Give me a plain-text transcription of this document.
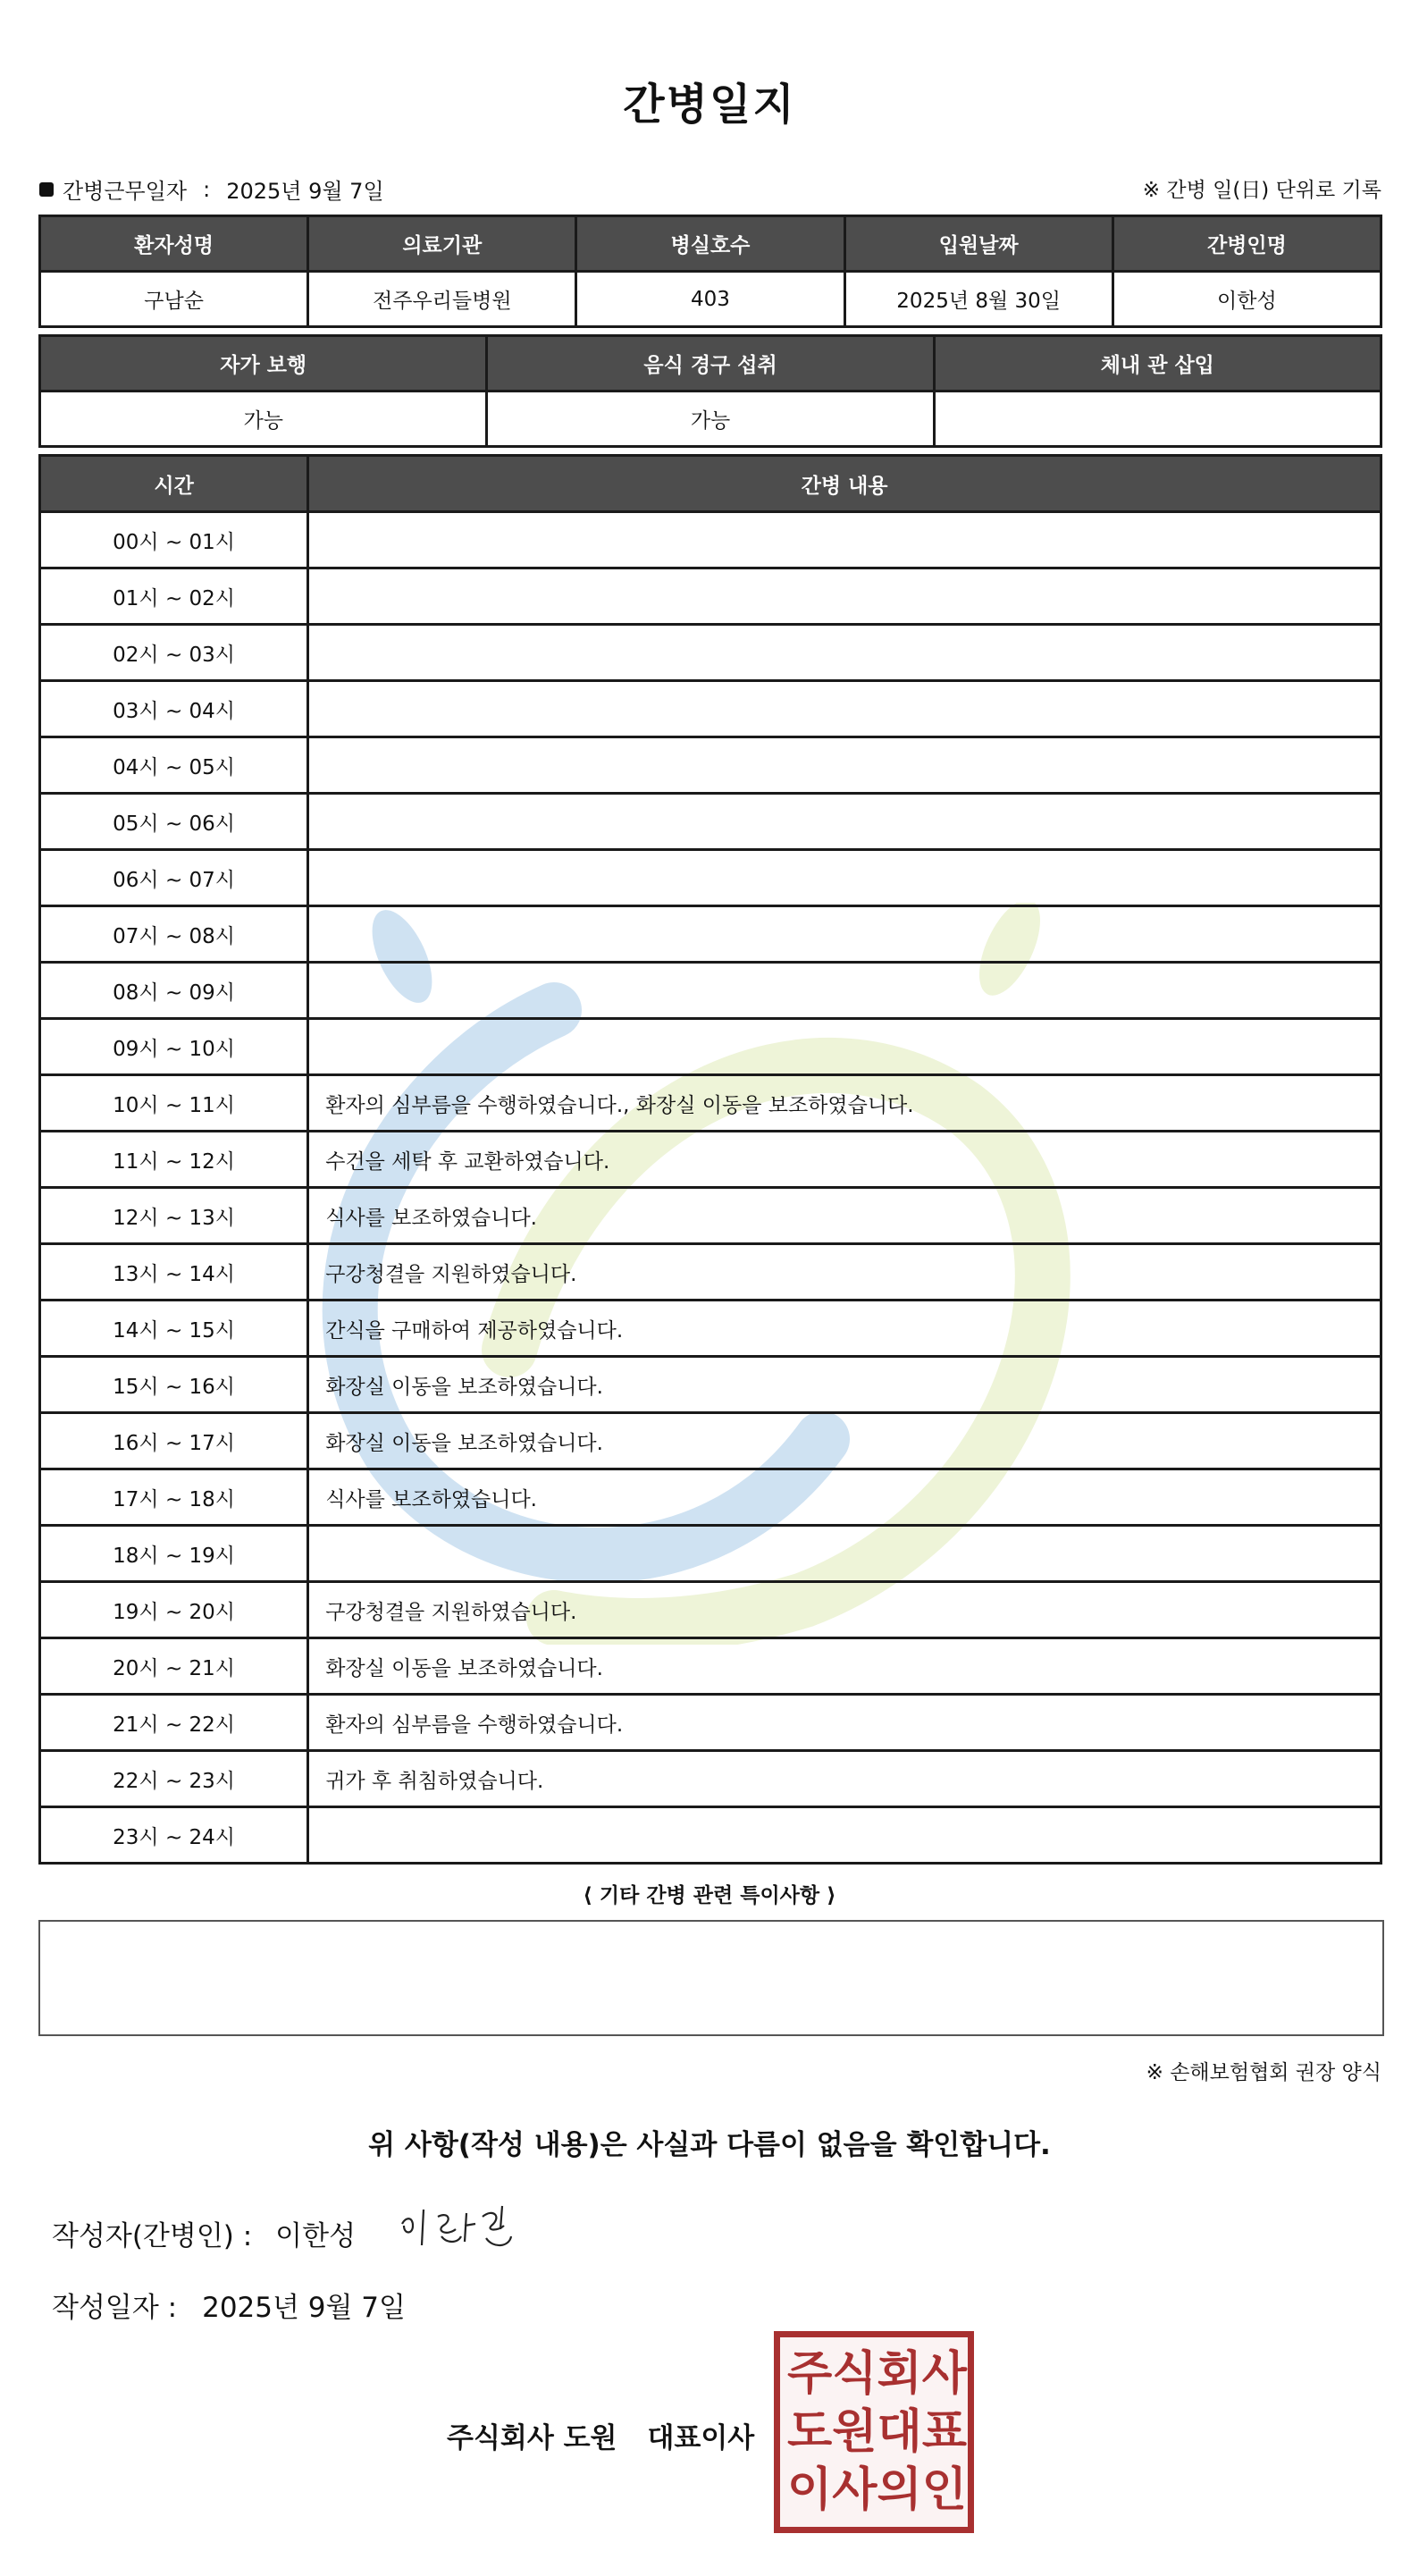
간병일지
간병근무일자 : 2025년 9월 7일	※ 간병 일(日) 단위로 기록
환자성명	의료기관	병실호수	입원날짜	간병인명
구남순	전주우리들병원	403	2025년 8월 30일	이한성
자가 보행	음식 경구 섭취	체내 관 삽입
가능	가능	
시간	간병 내용
00시 ~ 01시	
01시 ~ 02시	
02시 ~ 03시	
03시 ~ 04시	
04시 ~ 05시	
05시 ~ 06시	
06시 ~ 07시	
07시 ~ 08시	
08시 ~ 09시	
09시 ~ 10시	
10시 ~ 11시	환자의 심부름을 수행하였습니다., 화장실 이동을 보조하였습니다.
11시 ~ 12시	수건을 세탁 후 교환하였습니다.
12시 ~ 13시	식사를 보조하였습니다.
13시 ~ 14시	구강청결을 지원하였습니다.
14시 ~ 15시	간식을 구매하여 제공하였습니다.
15시 ~ 16시	화장실 이동을 보조하였습니다.
16시 ~ 17시	화장실 이동을 보조하였습니다.
17시 ~ 18시	식사를 보조하였습니다.
18시 ~ 19시	
19시 ~ 20시	구강청결을 지원하였습니다.
20시 ~ 21시	화장실 이동을 보조하였습니다.
21시 ~ 22시	환자의 심부름을 수행하였습니다.
22시 ~ 23시	귀가 후 취침하였습니다.
23시 ~ 24시	
⟨ 기타 간병 관련 특이사항 ⟩
※ 손해보험협회 권장 양식
위 사항(작성 내용)은 사실과 다름이 없음을 확인합니다.
작성자(간병인) : 이한성
작성일자 : 2025년 9월 7일
주식회사 도원 대표이사
주 식 회 사
도 원 대 표
이 사 의 인
